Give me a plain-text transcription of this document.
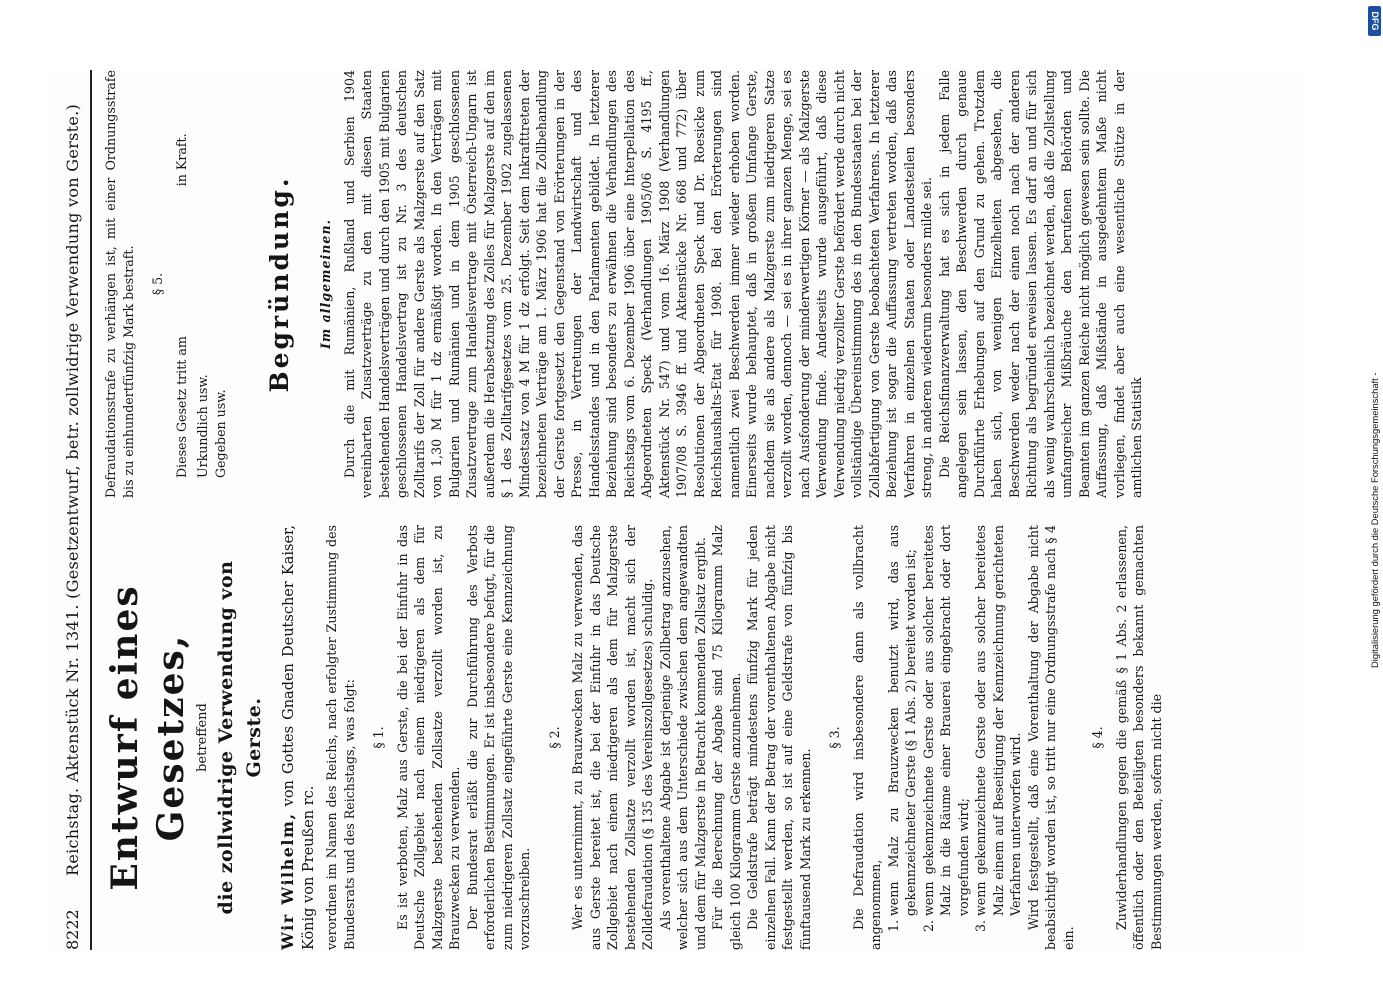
8222
Reichstag. Aktenstück Nr. 1341. (Gesetzentwurf, betr. zollwidrige Verwendung von Gerste.) Entwurf eines Gesetzes, betreffend die zollwidrige Verwendung von Gerste.

Wir Wilhelm, von Gottes Gnaden Deutscher Kaiser, König von Preußen rc. verordnen im Namen des Reichs, nach erfolgter Zustimmung des Bundesrats und des Reichstags, was folgt: § 1. Es ist verboten, Malz aus Gerste, die bei der Einfuhr in das Deutsche Zollgebiet nach einem niedrigeren als dem für Malzgerste bestehenden Zollsatze verzollt worden ist, zu Brauzwecken zu verwenden. Der Bundesrat erläßt die zur Durchführung des Verbots erforderlichen Bestimmungen. Er ist insbesondere befugt, für die zum niedrigeren Zollsatz eingeführte Gerste eine Kennzeichnung vorzuschreiben.

§ 2. Wer es unternimmt, zu Brauzwecken Malz zu verwenden, das aus Gerste bereitet ist, die bei der Einfuhr in das Deutsche Zollgebiet nach einem niedrigeren als dem für Malzgerste bestehenden Zollsatze verzollt worden ist, macht sich der Zolldefraudation (§ 135 des Vereinszollgesetzes) schuldig. Als vorenthaltene Abgabe ist derjenige Zollbetrag anzusehen, welcher sich aus dem Unterschiede zwischen dem angewandten und dem für Malzgerste in Betracht kommenden Zollsatz ergibt. Für die Berechnung der Abgabe sind 75 Kilogramm Malz gleich 100 Kilogramm Gerste anzunehmen. Die Geldstrafe beträgt mindestens fünfzig Mark für jeden einzelnen Fall. Kann der Betrag der vorenthaltenen Abgabe nicht festgestellt werden, so ist auf eine Geldstrafe von fünfzig bis fünftausend Mark zu erkennen.

§ 3. Die Defraudation wird insbesondere dann als vollbracht angenommen, 1.
wenn Malz zu Brauzwecken benutzt wird, das aus gekennzeichneter Gerste (§ 1 Abs. 2) bereitet worden ist;
2.
wenn gekennzeichnete Gerste oder aus solcher bereitetes Malz in die Räume einer Brauerei eingebracht oder dort vorgefunden wird;
3.
wenn gekennzeichnete Gerste oder aus solcher bereitetes Malz einem auf Beseitigung der Kennzeichnung gerichteten Verfahren unterworfen wird. Wird festgestellt, daß eine Vorenthaltung der Abgabe nicht beabsichtigt worden ist, so tritt nur eine Ordnungsstrafe nach § 4 ein.

§ 4. Zuwiderhandlungen gegen die gemäß § 1 Abs. 2 erlassenen, öffentlich oder den Beteiligten besonders bekannt gemachten Bestimmungen werden, sofern nicht die

Defraudationsstrafe zu verhängen ist, mit einer Ordnungsstrafe bis zu einhundertfünfzig Mark bestraft. § 5.

Dieses Gesetz tritt amin Kraft.

Urkundlich usw. Gegeben usw.

Begründung. Im allgemeinen. Durch die mit Rumänien, Rußland und Serbien 1904 vereinbarten Zusatzverträge zu den mit diesen Staaten bestehenden Handelsverträgen und durch den 1905 mit Bulgarien geschlossenen Handelsvertrag ist zu Nr. 3 des deutschen Zolltarifs der Zoll für andere Gerste als Malzgerste auf den Satz von 1,30 M für 1 dz ermäßigt worden. In den Verträgen mit Bulgarien und Rumänien und in dem 1905 geschlossenen Zusatzvertrage zum Handelsvertrage mit Österreich-Ungarn ist außerdem die Herabsetzung des Zolles für Malzgerste auf den im § 1 des Zolltarifgesetzes vom 25. Dezember 1902 zugelassenen Mindestsatz von 4 M für 1 dz erfolgt. Seit dem Inkrafttreten der bezeichneten Verträge am 1. März 1906 hat die Zollbehandlung der Gerste fortgesetzt den Gegenstand von Erörterungen in der Presse, in Vertretungen der Landwirtschaft und des Handelsstandes und in den Parlamenten gebildet. In letzterer Beziehung sind besonders zu erwähnen die Verhandlungen des Reichstags vom 6. Dezember 1906 über eine Interpellation des Abgeordneten Speck (Verhandlungen 1905/06 S. 4195 ff., Aktenstück Nr. 547) und vom 16. März 1908 (Verhandlungen 1907/08 S. 3946 ff. und Aktenstücke Nr. 668 und 772) über Resolutionen der Abgeordneten Speck und Dr. Roesicke zum Reichshaushalts-Etat für 1908. Bei den Erörterungen sind namentlich zwei Beschwerden immer wieder erhoben worden. Einerseits wurde behauptet, daß in großem Umfange Gerste, nachdem sie als andere als Malzgerste zum niedrigeren Satze verzollt worden, dennoch — sei es in ihrer ganzen Menge, sei es nach Ausfonderung der minderwertigen Körner — als Malzgerste Verwendung finde. Anderseits wurde ausgeführt, daß diese Verwendung niedrig verzollter Gerste befördert werde durch nicht vollständige Übereinstimmung des in den Bundesstaaten bei der Zollabfertigung von Gerste beobachteten Verfahrens. In letzterer Beziehung ist sogar die Auffassung vertreten worden, daß das Verfahren in einzelnen Staaten oder Landesteilen besonders streng, in anderen wiederum besonders milde sei. Die Reichsfinanzverwaltung hat es sich in jedem Falle angelegen sein lassen, den Beschwerden durch genaue Durchführte Erhebungen auf den Grund zu gehen. Trotzdem haben sich, von wenigen Einzelheiten abgesehen, die Beschwerden weder nach der einen noch nach der anderen Richtung als begründet erweisen lassen. Es darf an und für sich als wenig wahrscheinlich bezeichnet werden, daß die Zollstellung umfangreicher Mißbräuche den berufenen Behörden und Beamten im ganzen Reiche nicht möglich gewesen sein sollte. Die Auffassung, daß Mißstände in ausgedehntem Maße nicht vorliegen, findet aber auch eine wesentliche Stütze in der amtlichen Statistik

DFG
Digitalisierung gefördert durch die Deutsche Forschungsgemeinschaft -
